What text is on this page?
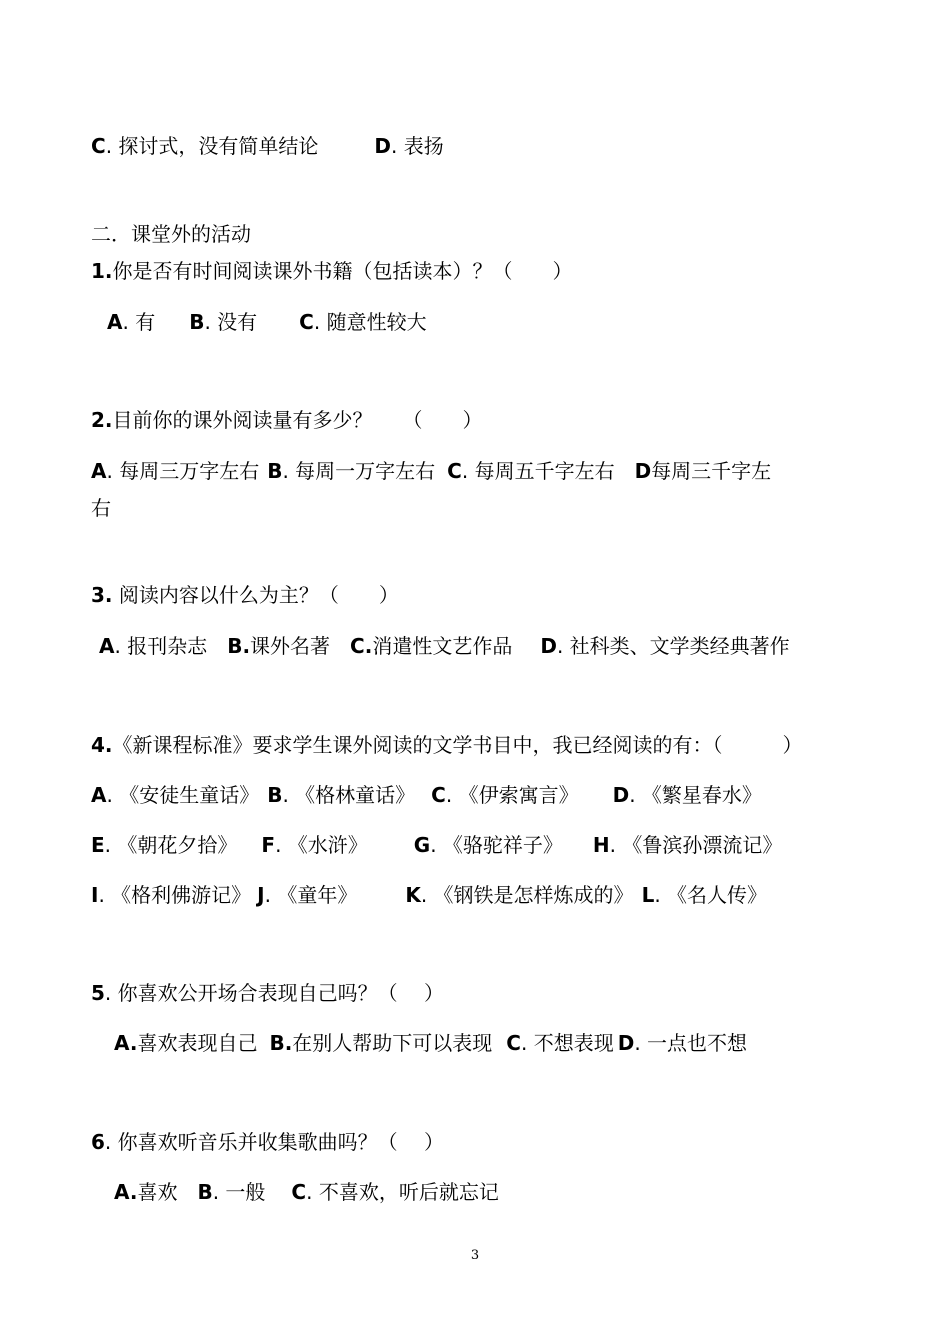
C. 探讨式，没有简单结论	D. 表扬
二．课堂外的活动
1.你是否有时间阅读课外书籍（包括读本）？（　　）
A. 有 B. 没有 C. 随意性较大
2.目前你的课外阅读量有多少？　　（　　）
A. 每周三万字左右 B. 每周一万字左右 C. 每周五千字左右 D每周三千字左
右
3. 阅读内容以什么为主？（　　）
A. 报刊杂志 B.课外名著 C.消遣性文艺作品 D. 社科类、文学类经典著作
4.《新课程标准》要求学生课外阅读的文学书目中，我已经阅读的有：（　　　）
A. 《安徒生童话》 B. 《格林童话》 C. 《伊索寓言》 D. 《繁星春水》
E. 《朝花夕拾》 F. 《水浒》 G. 《骆驼祥子》 H. 《鲁滨孙漂流记》
I. 《格利佛游记》 J. 《童年》 K. 《钢铁是怎样炼成的》 L. 《名人传》
5. 你喜欢公开场合表现自己吗？（　 ）
A.喜欢表现自己 B.在别人帮助下可以表现 C. 不想表现 D. 一点也不想
6. 你喜欢听音乐并收集歌曲吗？（　 ）
A.喜欢 B. 一般 C. 不喜欢，听后就忘记
3
